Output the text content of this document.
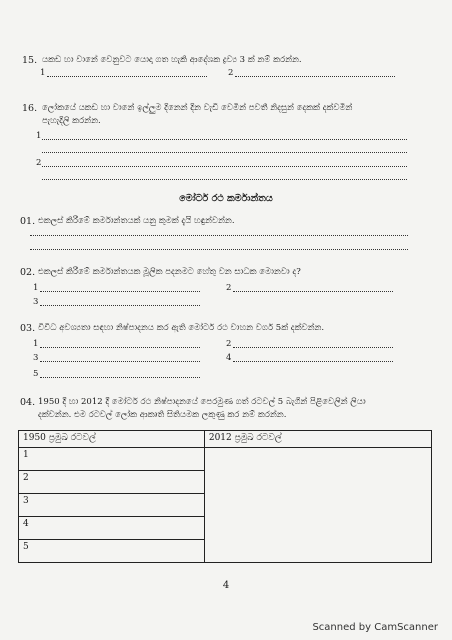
15. යකඩ හා වානේ වෙනුවට යොදා ගත හැකි ආදේශක ද්‍රව්‍ය 3 ක් නම් කරන්න.
1	2
16. ලෝකයේ යකඩ හා වානේ ඉල්ලුම දිනෙන් දින වැඩි වෙමින් පවතී නිදසුන් දෙකක් දක්වමින්
පැහැදිලි කරන්න.
1
2
මෝටර් රථ කර්මාන්තය
01. එකලස් කිරීමේ කර්මාන්තයක් යනු කුමක් දැයි හඳුන්වන්න.
02. එකලස් කිරීමේ කර්මාන්තයක මූලික පදනමට හේතු වන සාධක මොනවා ද?
1	2
3
03. විවිධ අවශ්‍යතා සඳහා නිෂ්පාදනය කර ඇති මෝටර් රථ වාහන වර්ග 5ක් දක්වන්න.
1	2
3	4
5
04. 1950 දී හා 2012 දී මෝටර් රථ නිෂ්පාදනයේ පෙරමුණ ගත් රටවල් 5 බැගින් පිළිවෙලින් ලියා
දක්වන්න. එම රටවල් ලෝක ආකෘති සිතියමක ලකුණු කර නම් කරන්න.
1950 ප්‍රමුඛ රටවල්	2012 ප්‍රමුඛ රටවල්
1	
2	
3	
4	
5	
4
Scanned by CamScanner
